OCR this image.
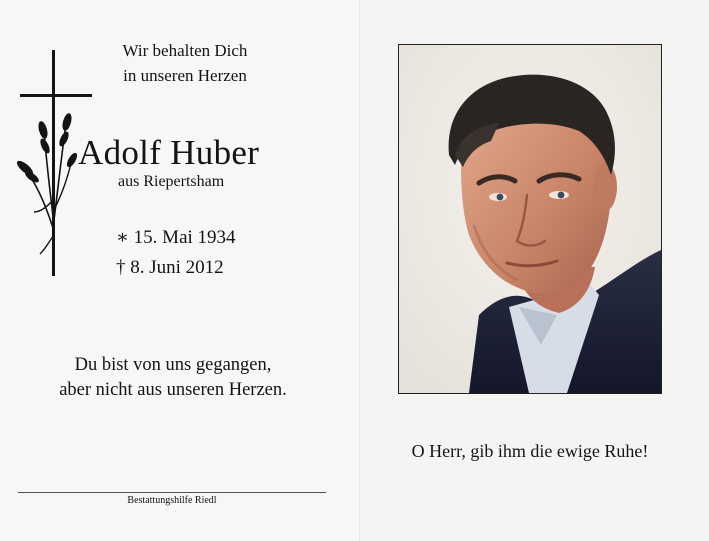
Wir behalten Dich
in unseren Herzen
Adolf Huber
aus Riepertsham
∗ 15. Mai 1934
† 8. Juni 2012
Du bist von uns gegangen,
aber nicht aus unseren Herzen.
Bestattungshilfe Riedl
O Herr, gib ihm die ewige Ruhe!
